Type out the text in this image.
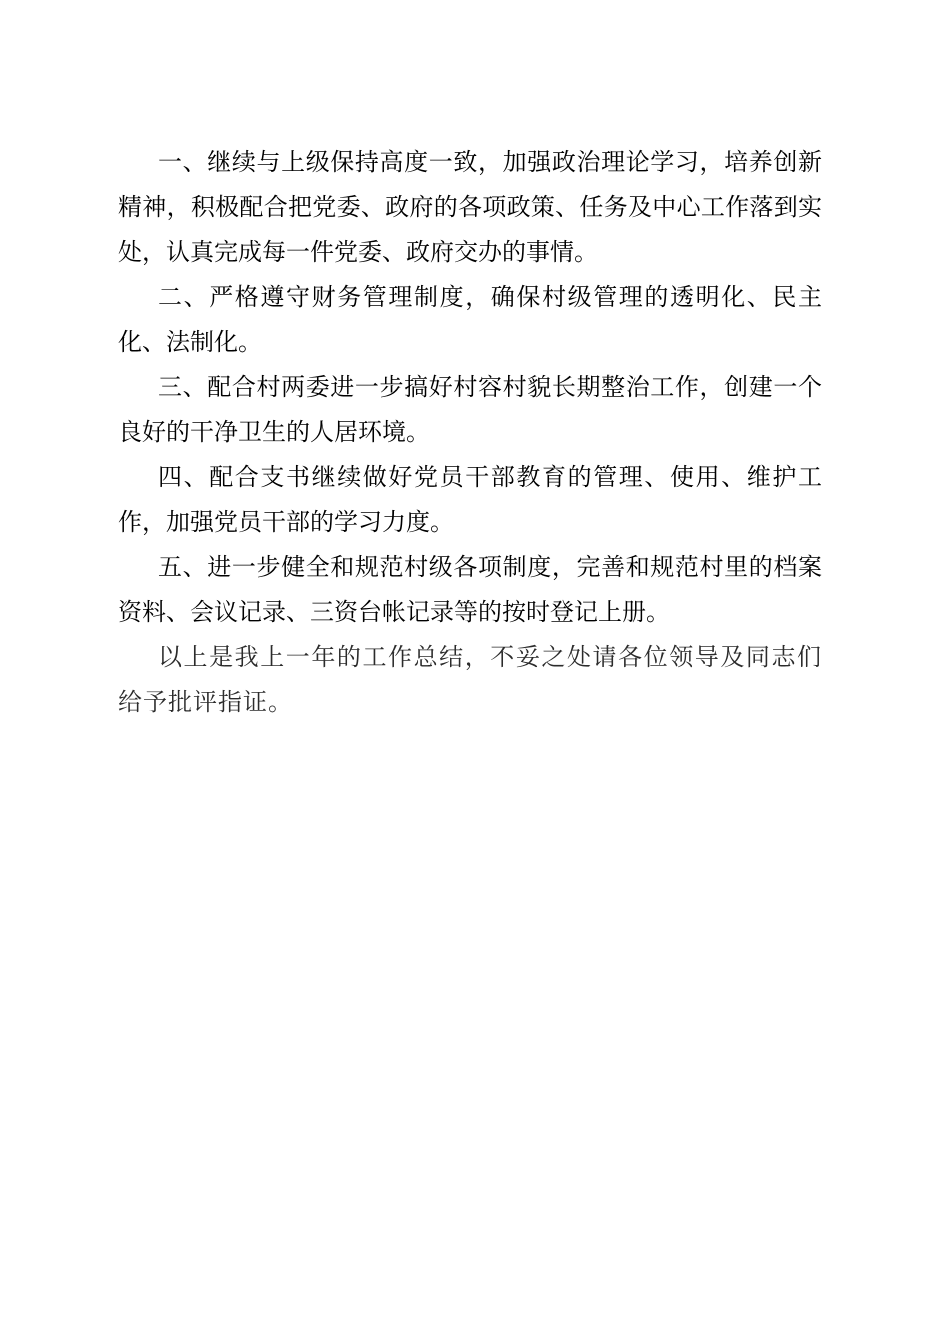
一、继续与上级保持高度一致，加强政治理论学习，培养创新精神，积极配合把党委、政府的各项政策、任务及中心工作落到实处，认真完成每一件党委、政府交办的事情。

二、严格遵守财务管理制度，确保村级管理的透明化、民主化、法制化。

三、配合村两委进一步搞好村容村貌长期整治工作，创建一个良好的干净卫生的人居环境。

四、配合支书继续做好党员干部教育的管理、使用、维护工作，加强党员干部的学习力度。

五、进一步健全和规范村级各项制度，完善和规范村里的档案资料、会议记录、三资台帐记录等的按时登记上册。

以上是我上一年的工作总结，不妥之处请各位领导及同志们给予批评指证。
